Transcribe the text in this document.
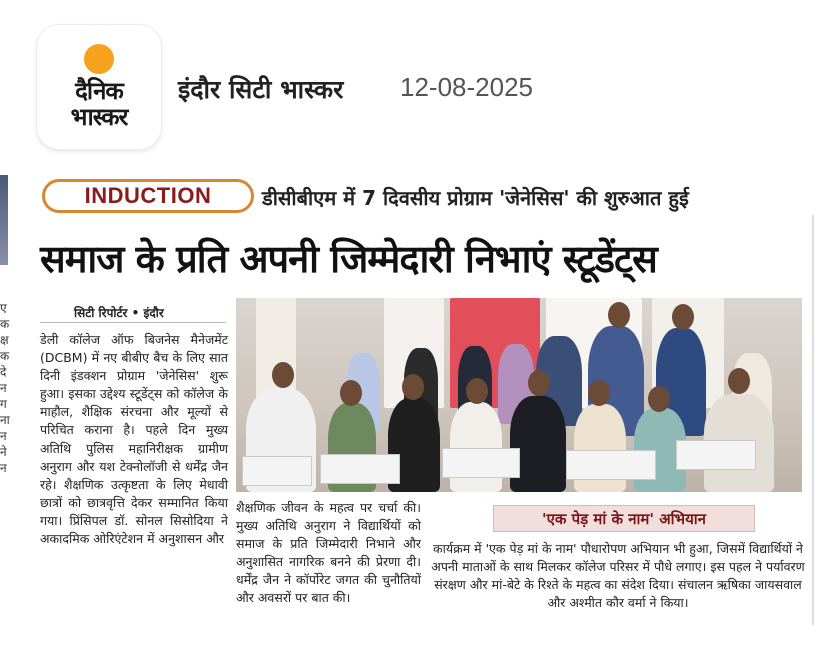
दैनिक
भास्कर
इंदौर सिटी भास्कर 12-08-2025
ए
क
क्ष
क
दे
न
ग
ना
न
ने
न
INDUCTION	डीसीबीएम में 7 दिवसीय प्रोग्राम 'जेनेसिस' की शुरुआत हुई
समाज के प्रति अपनी जिम्मेदारी निभाएं स्टूडेंट्स
सिटी रिपोर्टर • इंदौर
डेली कॉलेज ऑफ बिजनेस मैनेजमेंट (DCBM) में नए बीबीए बैच के लिए सात दिनी इंडक्शन प्रोग्राम 'जेनेसिस' शुरू हुआ। इसका उद्देश्य स्टूडेंट्स को कॉलेज के माहौल, शैक्षिक संरचना और मूल्यों से परिचित कराना है। पहले दिन मुख्य अतिथि पुलिस महानिरीक्षक ग्रामीण अनुराग और यश टेक्नोलॉजी से धर्मेंद्र जैन रहे। शैक्षणिक उत्कृष्टता के लिए मेधावी छात्रों को छात्रवृत्ति देकर सम्मानित किया गया। प्रिंसिपल डॉ. सोनल सिसोदिया ने अकादमिक ओरिएंटेशन में अनुशासन और
शैक्षणिक जीवन के महत्व पर चर्चा की। मुख्य अतिथि अनुराग ने विद्यार्थियों को समाज के प्रति जिम्मेदारी निभाने और अनुशासित नागरिक बनने की प्रेरणा दी। धर्मेंद्र जैन ने कॉर्पोरेट जगत की चुनौतियों और अवसरों पर बात की।
'एक पेड़ मां के नाम' अभियान
कार्यक्रम में 'एक पेड़ मां के नाम' पौधारोपण अभियान भी हुआ, जिसमें विद्यार्थियों ने अपनी माताओं के साथ मिलकर कॉलेज परिसर में पौधे लगाए। इस पहल ने पर्यावरण संरक्षण और मां-बेटे के रिश्ते के महत्व का संदेश दिया। संचालन ऋषिका जायसवाल और अश्मीत कौर वर्मा ने किया।
